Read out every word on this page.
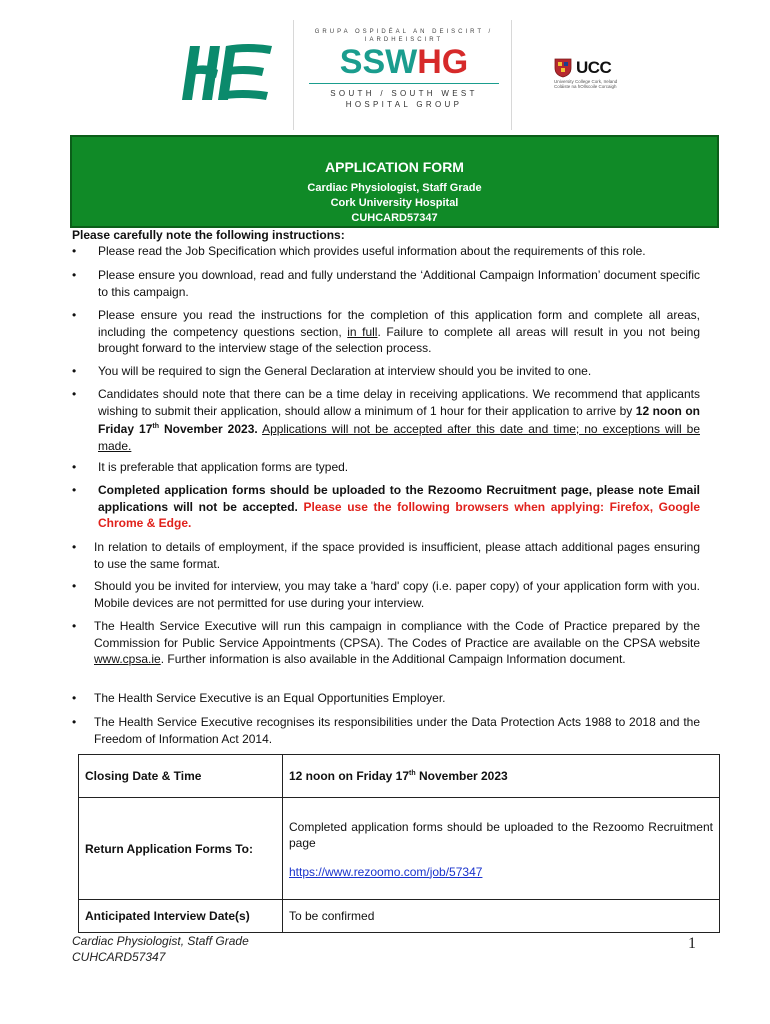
GRUPA OSPIDÉAL AN DEISCIRT / IARDHEISCIRT
SSWHG
SOUTH / SOUTH WEST
HOSPITAL GROUP
UCC
University College Cork, Ireland
Coláiste na hOllscoile Corcaigh
APPLICATION FORM
Cardiac Physiologist, Staff Grade
Cork University Hospital
CUHCARD57347
Please carefully note the following instructions:
• Please read the Job Specification which provides useful information about the requirements of this role.
• Please ensure you download, read and fully understand the ‘Additional Campaign Information’ document specific to this campaign.
• Please ensure you read the instructions for the completion of this application form and complete all areas, including the competency questions section, in full. Failure to complete all areas will result in you not being brought forward to the interview stage of the selection process.
• You will be required to sign the General Declaration at interview should you be invited to one.
• Candidates should note that there can be a time delay in receiving applications. We recommend that applicants wishing to submit their application, should allow a minimum of 1 hour for their application to arrive by 12 noon on Friday 17th November 2023. Applications will not be accepted after this date and time; no exceptions will be made.
• It is preferable that application forms are typed.
• Completed application forms should be uploaded to the Rezoomo Recruitment page, please note Email applications will not be accepted. Please use the following browsers when applying: Firefox, Google Chrome & Edge.
• In relation to details of employment, if the space provided is insufficient, please attach additional pages ensuring to use the same format.
• Should you be invited for interview, you may take a 'hard' copy (i.e. paper copy) of your application form with you. Mobile devices are not permitted for use during your interview.
• The Health Service Executive will run this campaign in compliance with the Code of Practice prepared by the Commission for Public Service Appointments (CPSA). The Codes of Practice are available on the CPSA website www.cpsa.ie. Further information is also available in the Additional Campaign Information document.
• The Health Service Executive is an Equal Opportunities Employer.
• The Health Service Executive recognises its responsibilities under the Data Protection Acts 1988 to 2018 and the Freedom of Information Act 2014.
Closing Date & Time	12 noon on Friday 17th November 2023
Return Application Forms To:	Completed application forms should be uploaded to the Rezoomo Recruitment page
https://www.rezoomo.com/job/57347

Anticipated Interview Date(s)	To be confirmed
Cardiac Physiologist, Staff Grade
CUHCARD57347
1
